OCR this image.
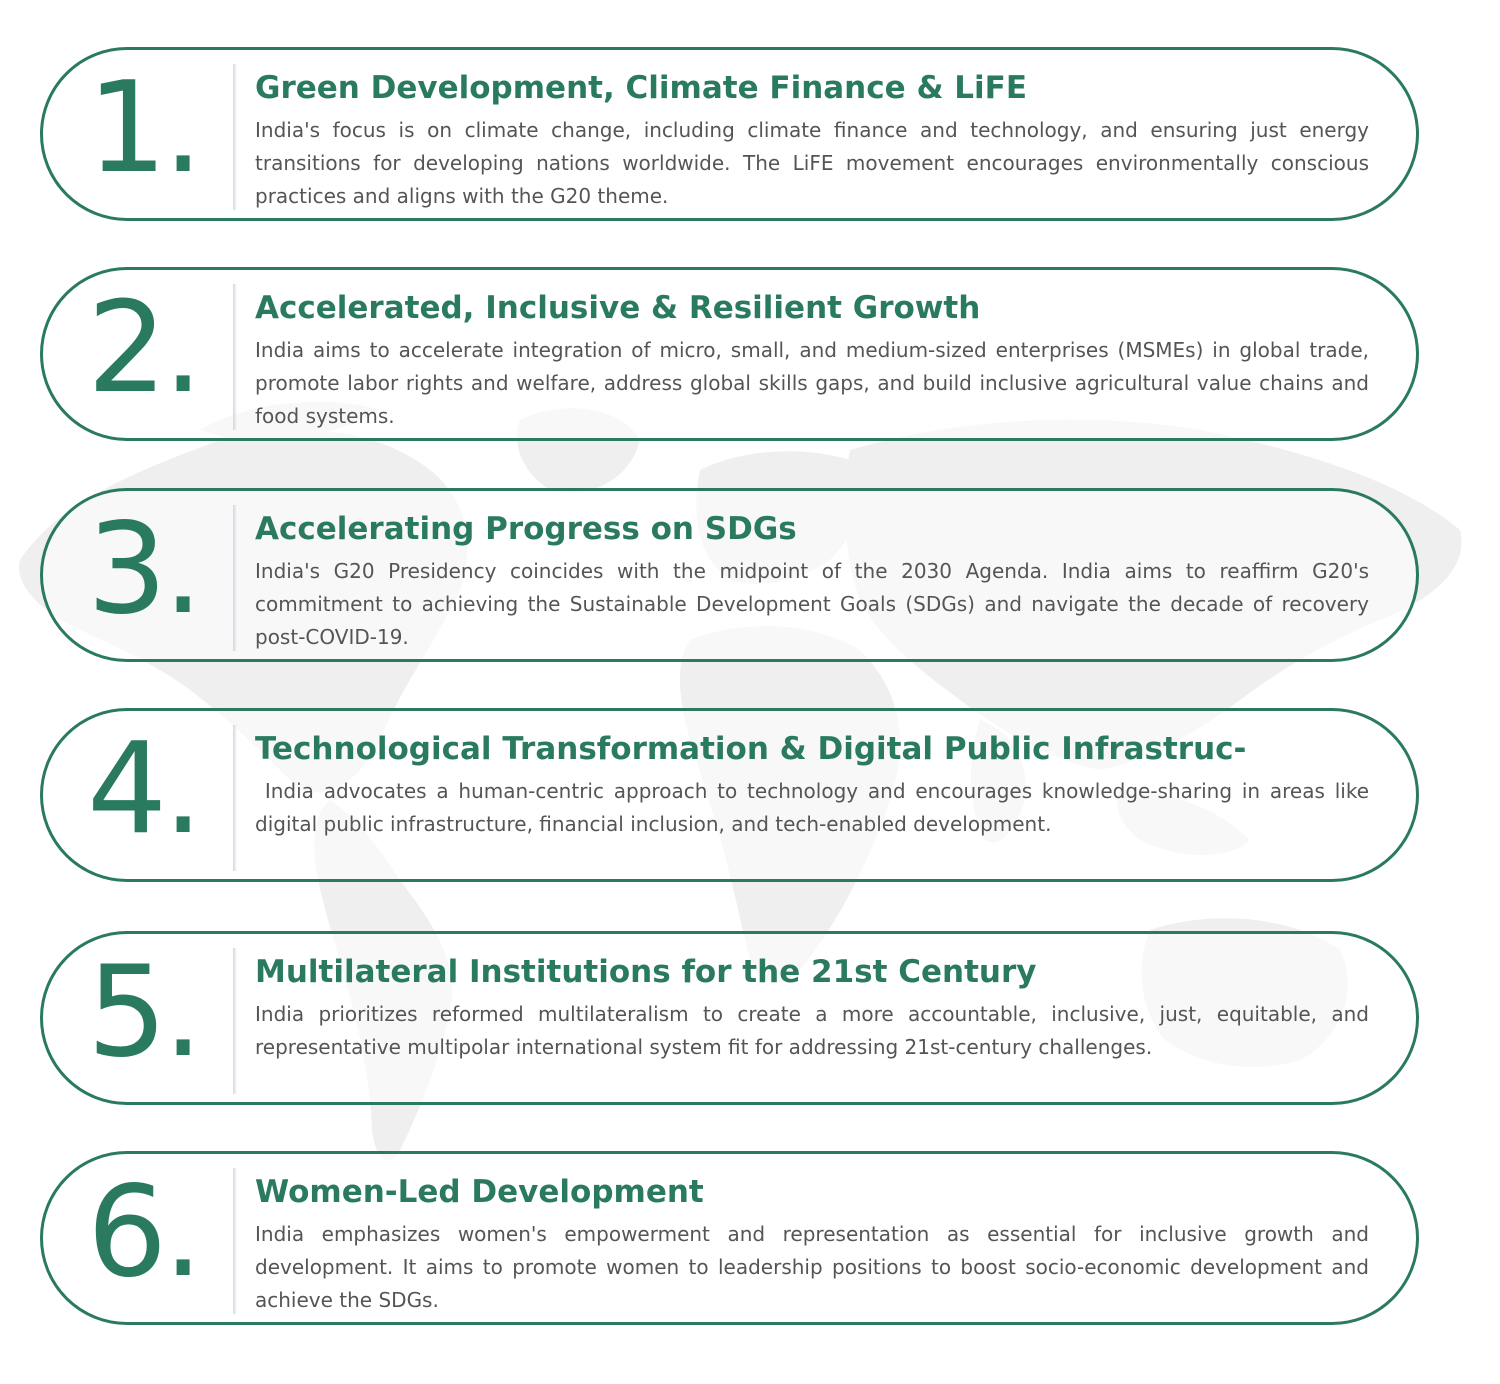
1.	Green Development, Climate Finance & LiFE

India's focus is on climate change, including climate finance and technology, and ensuring just energy transitions for developing nations worldwide. The LiFE movement encourages environmentally conscious practices and aligns with the G20 theme.

2.	Accelerated, Inclusive & Resilient Growth

India aims to accelerate integration of micro, small, and medium-sized enterprises (MSMEs) in global trade, promote labor rights and welfare, address global skills gaps, and build inclusive agricultural value chains and food systems.

3.	Accelerating Progress on SDGs

India's G20 Presidency coincides with the midpoint of the 2030 Agenda. India aims to reaffirm G20's commitment to achieving the Sustainable Development Goals (SDGs) and navigate the decade of recovery post-COVID-19.

4.	Technological Transformation & Digital Public Infrastruc-

India advocates a human-centric approach to technology and encourages knowledge-sharing in areas like digital public infrastructure, financial inclusion, and tech-enabled development.

5.	Multilateral Institutions for the 21st Century

India prioritizes reformed multilateralism to create a more accountable, inclusive, just, equitable, and representative multipolar international system fit for addressing 21st-century challenges.

6.	Women-Led Development

India emphasizes women's empowerment and representation as essential for inclusive growth and development. It aims to promote women to leadership positions to boost socio-economic development and achieve the SDGs.
